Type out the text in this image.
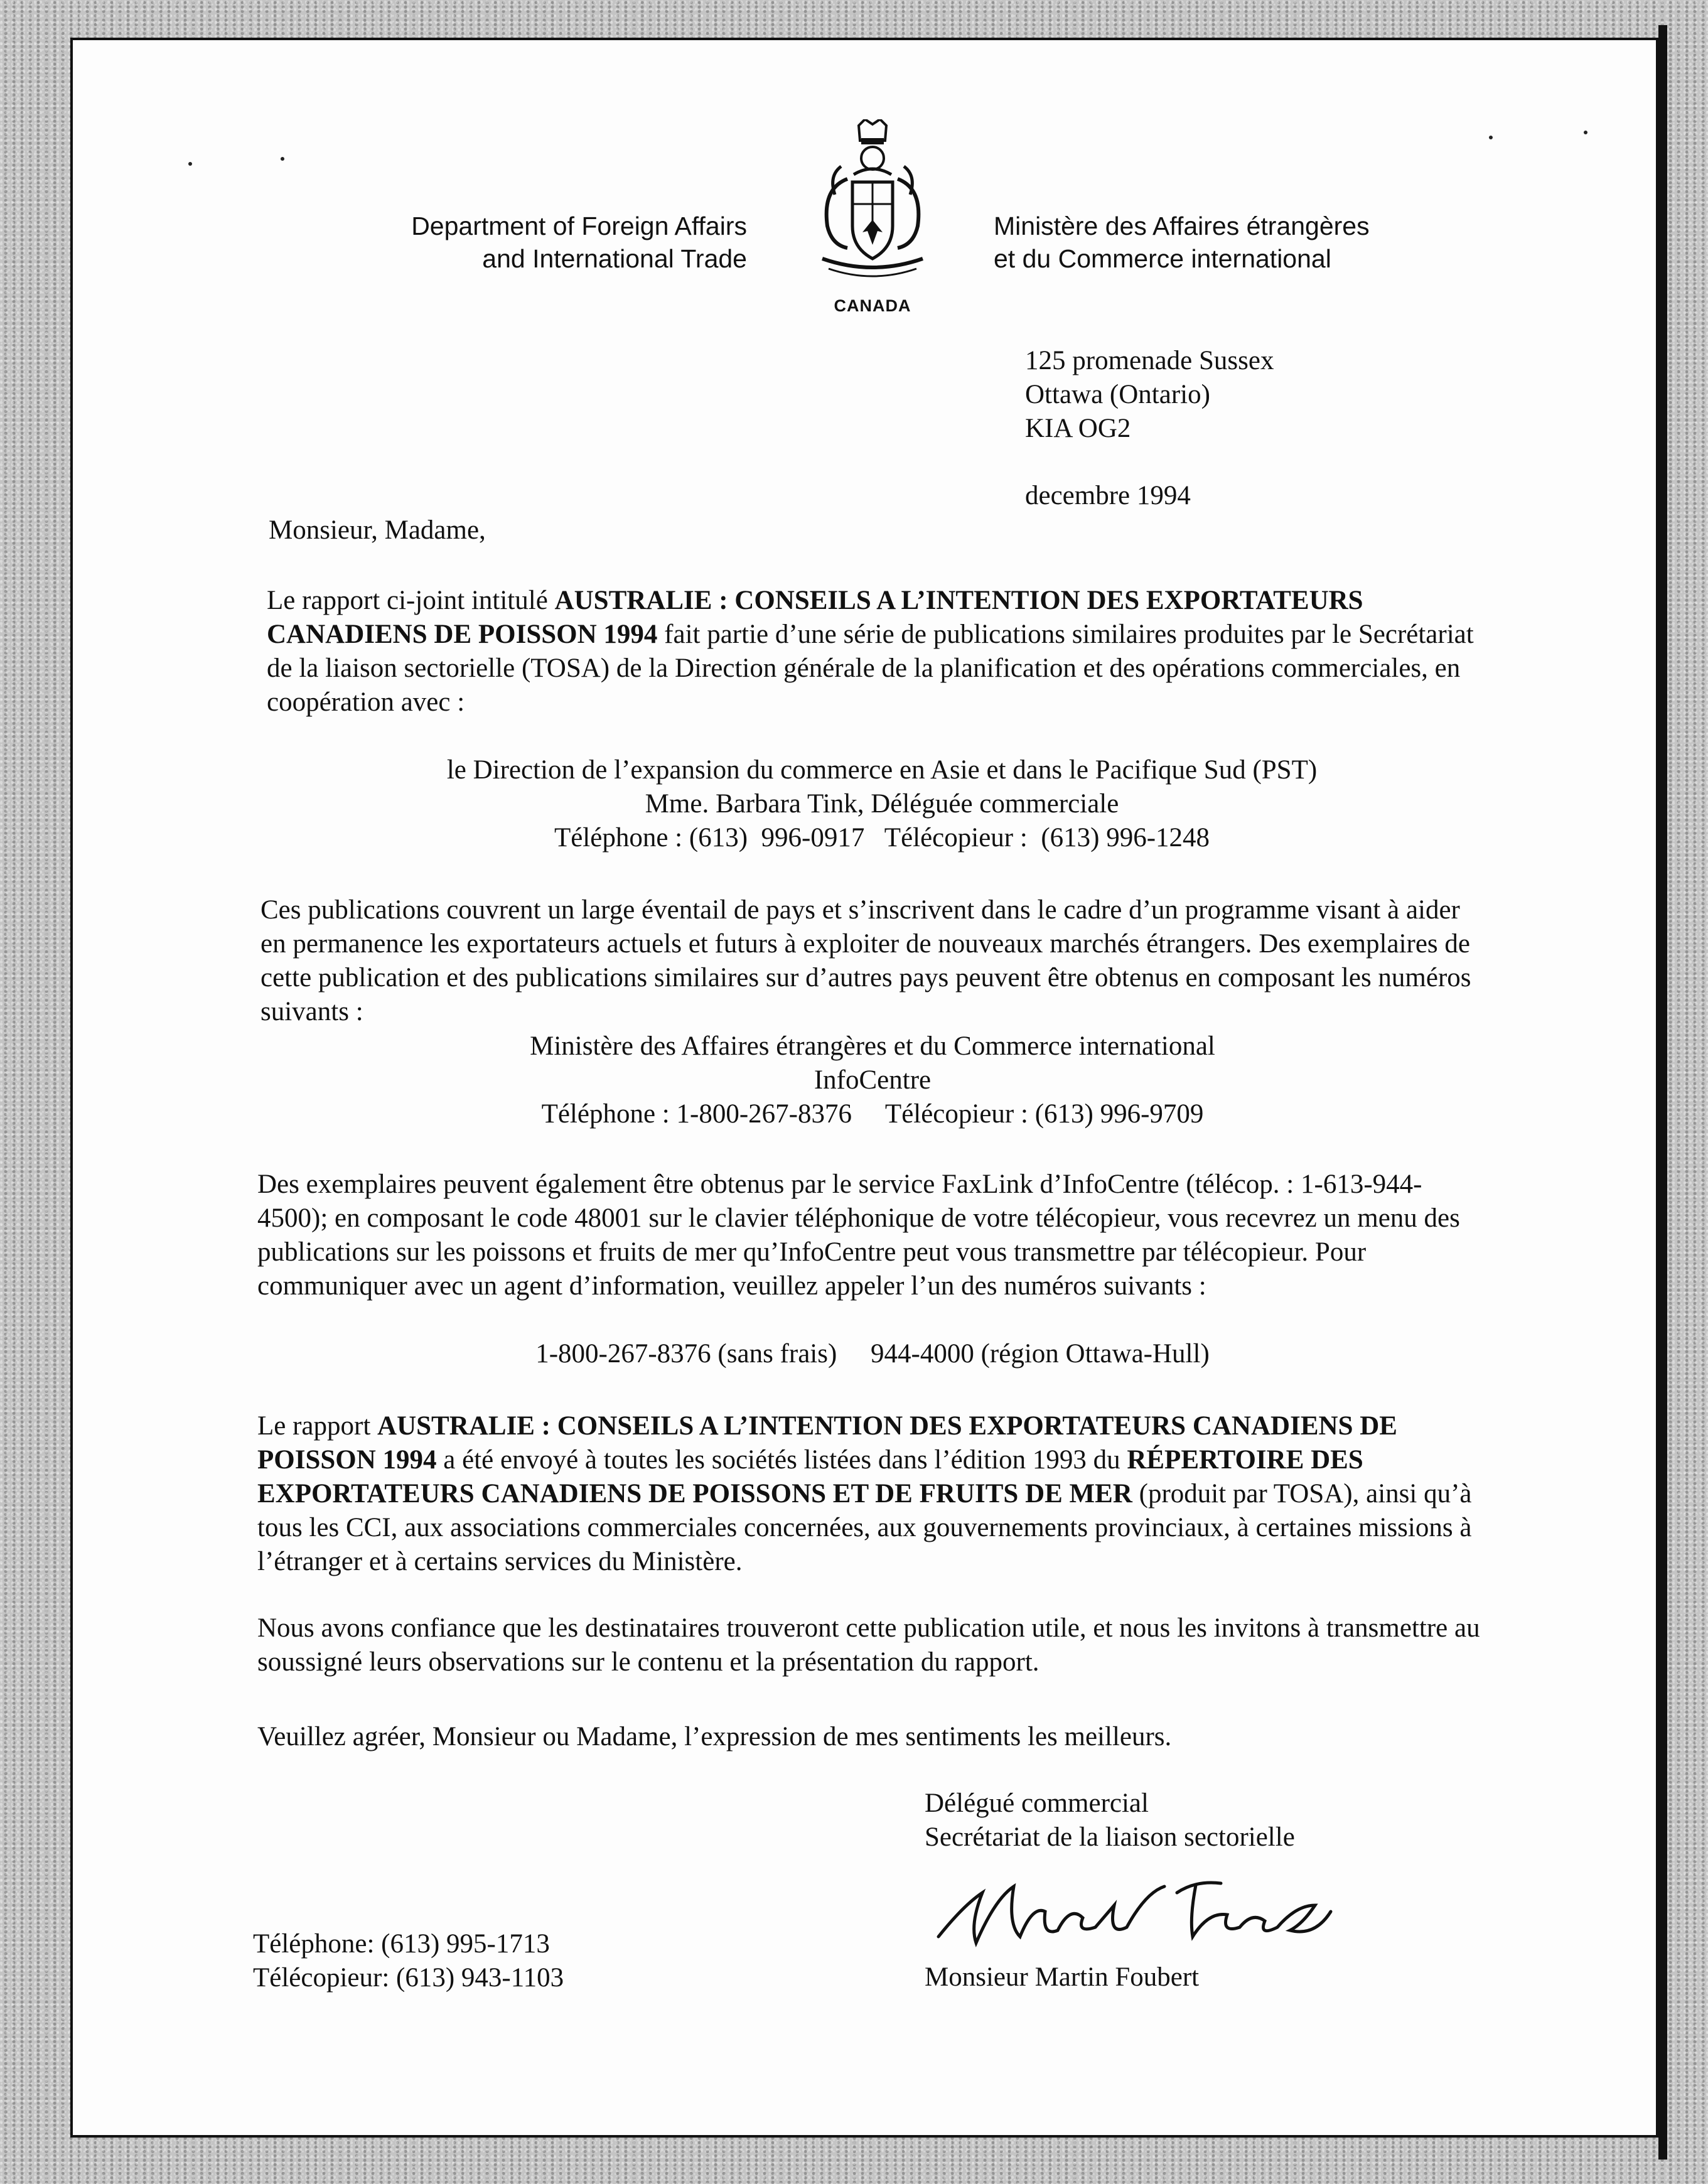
Department of Foreign Affairs
and International Trade
CANADA
Ministère des Affaires étrangères
et du Commerce international
125 promenade Sussex
Ottawa (Ontario)
KIA OG2
decembre 1994
Monsieur, Madame,
Le rapport ci-joint intitulé AUSTRALIE : CONSEILS A L’INTENTION DES EXPORTATEURS CANADIENS DE POISSON 1994 fait partie d’une série de publications similaires produites par le Secrétariat de la liaison sectorielle (TOSA) de la Direction générale de la planification et des opérations commerciales, en coopération avec :
le Direction de l’expansion du commerce en Asie et dans le Pacifique Sud (PST)
Mme. Barbara Tink, Déléguée commerciale
Téléphone : (613)  996-0917   Télécopieur :  (613) 996-1248
Ces publications couvrent un large éventail de pays et s’inscrivent dans le cadre d’un programme visant à aider en permanence les exportateurs actuels et futurs à exploiter de nouveaux marchés étrangers. Des exemplaires de cette publication et des publications similaires sur d’autres pays peuvent être obtenus en composant les numéros suivants :
Ministère des Affaires étrangères et du Commerce international
InfoCentre
Téléphone : 1-800-267-8376     Télécopieur : (613) 996-9709
Des exemplaires peuvent également être obtenus par le service FaxLink d’InfoCentre (télécop. : 1-613-944-4500); en composant le code 48001 sur le clavier téléphonique de votre télécopieur, vous recevrez un menu des publications sur les poissons et fruits de mer qu’InfoCentre peut vous transmettre par télécopieur. Pour communiquer avec un agent d’information, veuillez appeler l’un des numéros suivants :
1-800-267-8376 (sans frais)     944-4000 (région Ottawa-Hull)
Le rapport AUSTRALIE : CONSEILS A L’INTENTION DES EXPORTATEURS CANADIENS DE POISSON 1994 a été envoyé à toutes les sociétés listées dans l’édition 1993 du RÉPERTOIRE DES EXPORTATEURS CANADIENS DE POISSONS ET DE FRUITS DE MER (produit par TOSA), ainsi qu’à tous les CCI, aux associations commerciales concernées, aux gouvernements provinciaux, à certaines missions à l’étranger et à certains services du Ministère.
Nous avons confiance que les destinataires trouveront cette publication utile, et nous les invitons à transmettre au soussigné leurs observations sur le contenu et la présentation du rapport.
Veuillez agréer, Monsieur ou Madame, l’expression de mes sentiments les meilleurs.
Délégué commercial
Secrétariat de la liaison sectorielle
Monsieur Martin Foubert
Téléphone: (613) 995-1713
Télécopieur: (613) 943-1103
